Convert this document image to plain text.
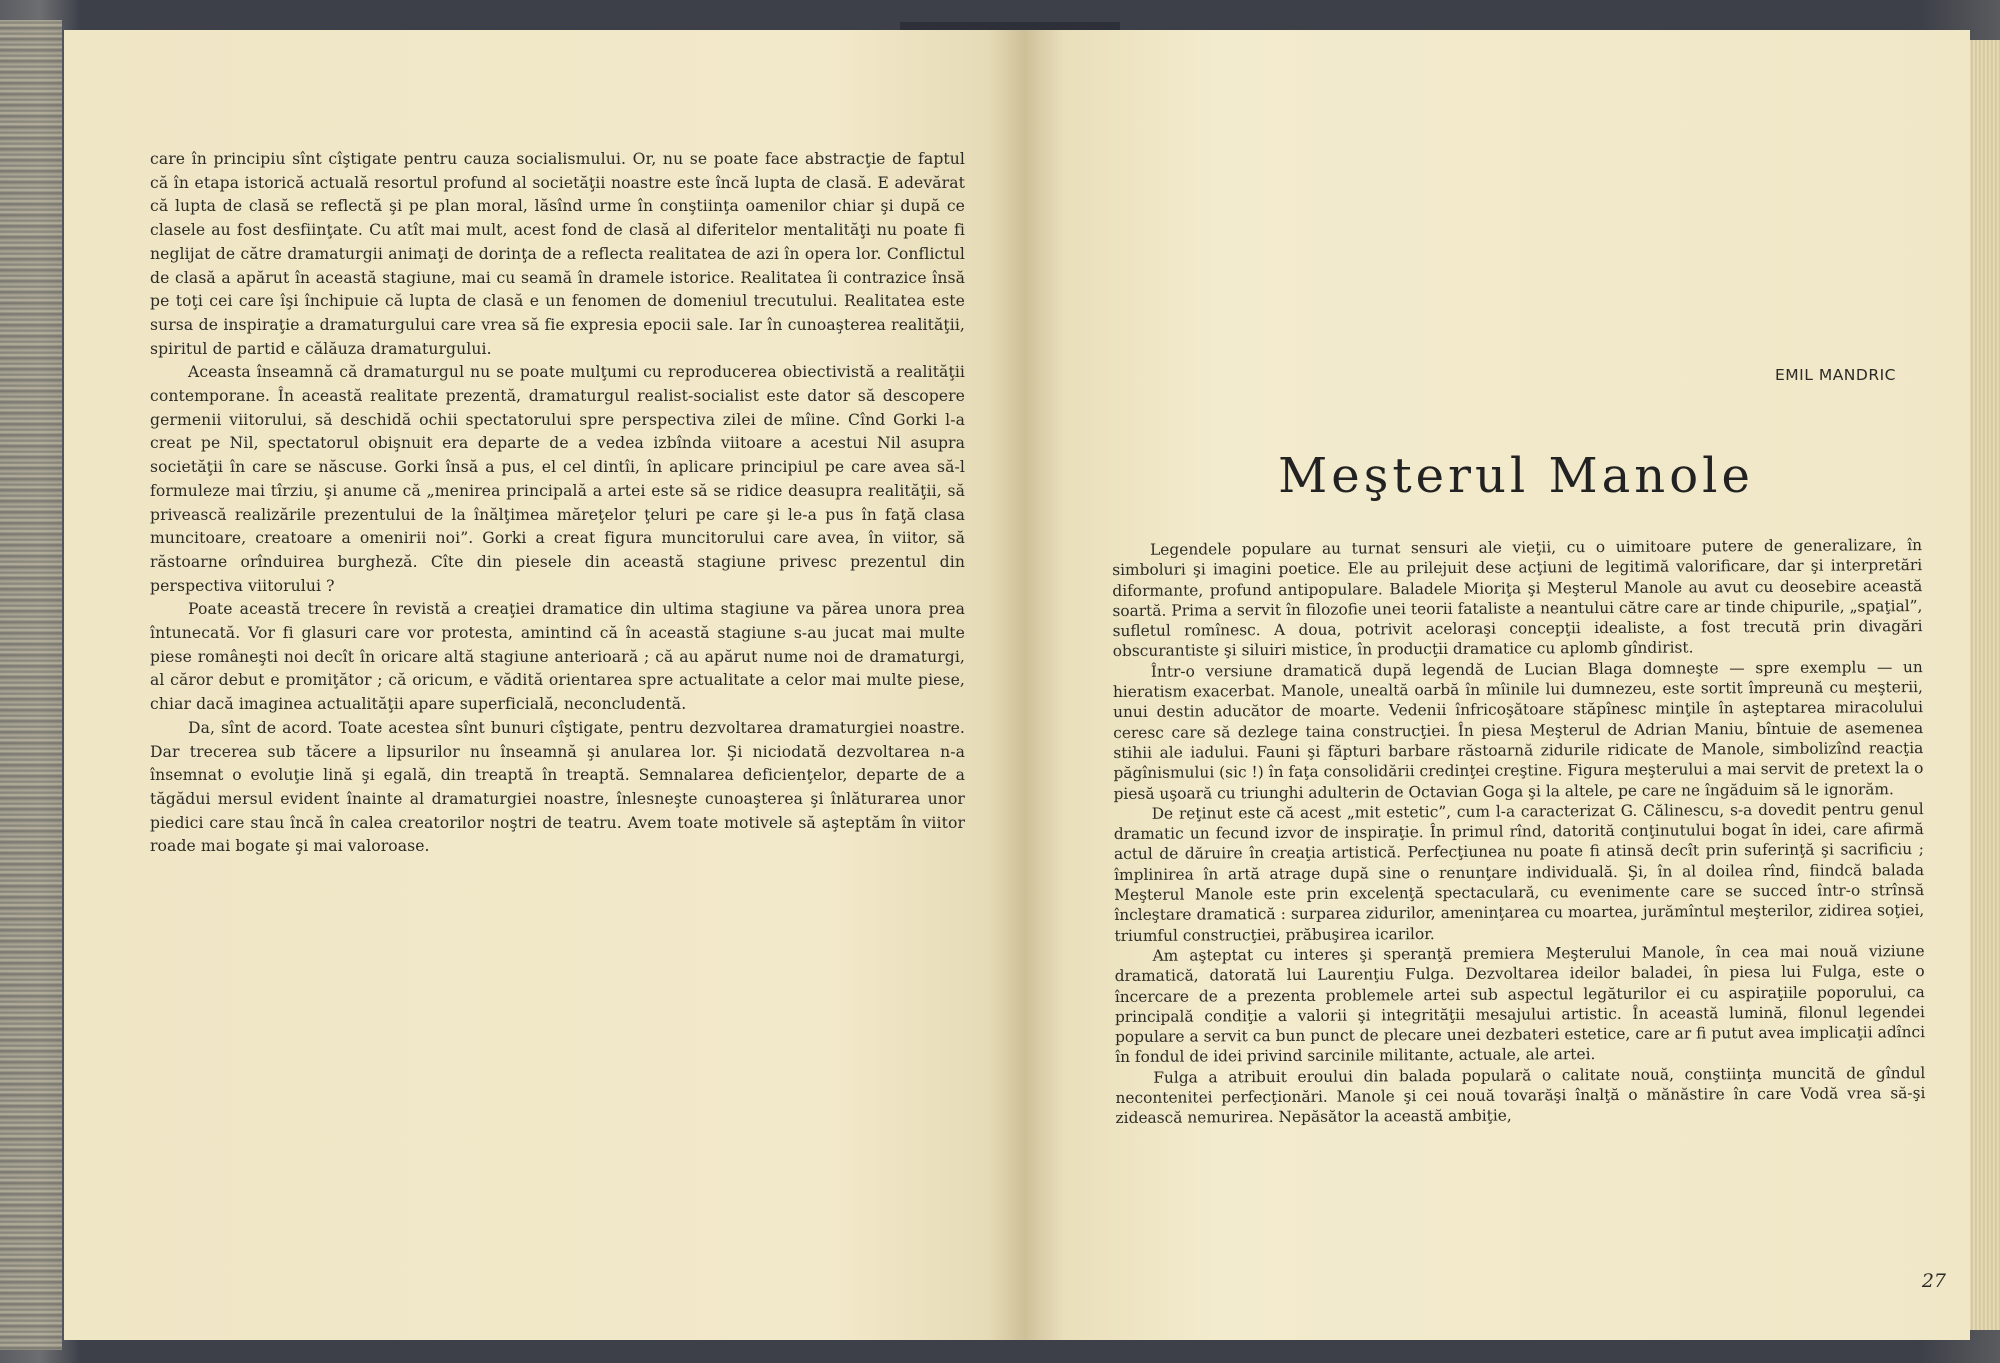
care în principiu sînt cîştigate pentru cauza socialismului. Or, nu se poate face abstracţie de faptul că în etapa istorică actuală resortul profund al societăţii noastre este încă lupta de clasă. E adevărat că lupta de clasă se reflectă şi pe plan moral, lăsînd urme în conştiinţa oamenilor chiar şi după ce clasele au fost desfiinţate. Cu atît mai mult, acest fond de clasă al diferitelor mentalităţi nu poate fi neglijat de către dramaturgii animaţi de dorinţa de a reflecta realitatea de azi în opera lor. Conflictul de clasă a apărut în această stagiune, mai cu seamă în dramele istorice. Realitatea îi contrazice însă pe toţi cei care îşi închipuie că lupta de clasă e un fenomen de domeniul trecutului. Realitatea este sursa de inspiraţie a dramaturgului care vrea să fie expresia epocii sale. Iar în cunoaşterea realităţii, spiritul de partid e călăuza dramaturgului.

Aceasta înseamnă că dramaturgul nu se poate mulţumi cu reproducerea obiectivistă a realităţii contemporane. În această realitate prezentă, dramaturgul realist-socialist este dator să descopere germenii viitorului, să deschidă ochii spectatorului spre perspectiva zilei de mîine. Cînd Gorki l-a creat pe Nil, spectatorul obişnuit era departe de a vedea izbînda viitoare a acestui Nil asupra societăţii în care se născuse. Gorki însă a pus, el cel dintîi, în aplicare principiul pe care avea să-l formuleze mai tîrziu, şi anume că „menirea principală a artei este să se ridice deasupra realităţii, să privească realizările prezentului de la înălţimea măreţelor ţeluri pe care şi le-a pus în faţă clasa muncitoare, creatoare a omenirii noi”. Gorki a creat figura muncitorului care avea, în viitor, să răstoarne orînduirea burgheză. Cîte din piesele din această stagiune privesc prezentul din perspectiva viitorului ?

Poate această trecere în revistă a creaţiei dramatice din ultima stagiune va părea unora prea întunecată. Vor fi glasuri care vor protesta, amintind că în această stagiune s-au jucat mai multe piese româneşti noi decît în oricare altă stagiune anterioară ; că au apărut nume noi de dramaturgi, al căror debut e promiţător ; că oricum, e vădită orientarea spre actualitate a celor mai multe piese, chiar dacă imaginea actualităţii apare superficială, neconcludentă.

Da, sînt de acord. Toate acestea sînt bunuri cîştigate, pentru dezvoltarea dramaturgiei noastre. Dar trecerea sub tăcere a lipsurilor nu înseamnă şi anularea lor. Şi niciodată dezvoltarea n-a însemnat o evoluţie lină şi egală, din treaptă în treaptă. Semnalarea deficienţelor, departe de a tăgădui mersul evident înainte al dramaturgiei noastre, înlesneşte cunoaşterea şi înlăturarea unor piedici care stau încă în calea creatorilor noştri de teatru. Avem toate motivele să aşteptăm în viitor roade mai bogate şi mai valoroase.

EMIL MANDRIC
Meşterul Manole

Legendele populare au turnat sensuri ale vieţii, cu o uimitoare putere de generalizare, în simboluri şi imagini poetice. Ele au prilejuit dese acţiuni de legitimă valorificare, dar şi interpretări diformante, profund antipopulare. Baladele Mioriţa şi Meşterul Manole au avut cu deosebire această soartă. Prima a servit în filozofie unei teorii fataliste a neantului către care ar tinde chipurile, „spaţial”, sufletul romînesc. A doua, potrivit aceloraşi concepţii idealiste, a fost trecută prin divagări obscurantiste şi siluiri mistice, în producţii dramatice cu aplomb gîndirist.

Într-o versiune dramatică după legendă de Lucian Blaga domneşte — spre exemplu — un hieratism exacerbat. Manole, unealtă oarbă în mîinile lui dumnezeu, este sortit împreună cu meşterii, unui destin aducător de moarte. Vedenii înfricoşătoare stăpînesc minţile în aşteptarea miracolului ceresc care să dezlege taina construcţiei. În piesa Meşterul de Adrian Maniu, bîntuie de asemenea stihii ale iadului. Fauni şi făpturi barbare răstoarnă zidurile ridicate de Manole, simbolizînd reacţia păgînismului (sic !) în faţa consolidării credinţei creştine. Figura meşterului a mai servit de pretext la o piesă uşoară cu triunghi adulterin de Octavian Goga şi la altele, pe care ne îngăduim să le ignorăm.

De reţinut este că acest „mit estetic”, cum l-a caracterizat G. Călinescu, s-a dovedit pentru genul dramatic un fecund izvor de inspiraţie. În primul rînd, datorită conţinutului bogat în idei, care afirmă actul de dăruire în creaţia artistică. Perfecţiunea nu poate fi atinsă decît prin suferinţă şi sacrificiu ; împlinirea în artă atrage după sine o renunţare individuală. Şi, în al doilea rînd, fiindcă balada Meşterul Manole este prin excelenţă spectaculară, cu evenimente care se succed într-o strînsă încleştare dramatică : surparea zidurilor, ameninţarea cu moartea, jurămîntul meşterilor, zidirea soţiei, triumful construcţiei, prăbuşirea icarilor.

Am aşteptat cu interes şi speranţă premiera Meşterului Manole, în cea mai nouă viziune dramatică, datorată lui Laurenţiu Fulga. Dezvoltarea ideilor baladei, în piesa lui Fulga, este o încercare de a prezenta problemele artei sub aspectul legăturilor ei cu aspiraţiile poporului, ca principală condiţie a valorii şi integrităţii mesajului artistic. În această lumină, filonul legendei populare a servit ca bun punct de plecare unei dezbateri estetice, care ar fi putut avea implicaţii adînci în fondul de idei privind sarcinile militante, actuale, ale artei.

Fulga a atribuit eroului din balada populară o calitate nouă, conştiinţa muncită de gîndul necontenitei perfecţionări. Manole şi cei nouă tovarăşi înalţă o mănăstire în care Vodă vrea să-şi zidească nemurirea. Nepăsător la această ambiţie,

27
